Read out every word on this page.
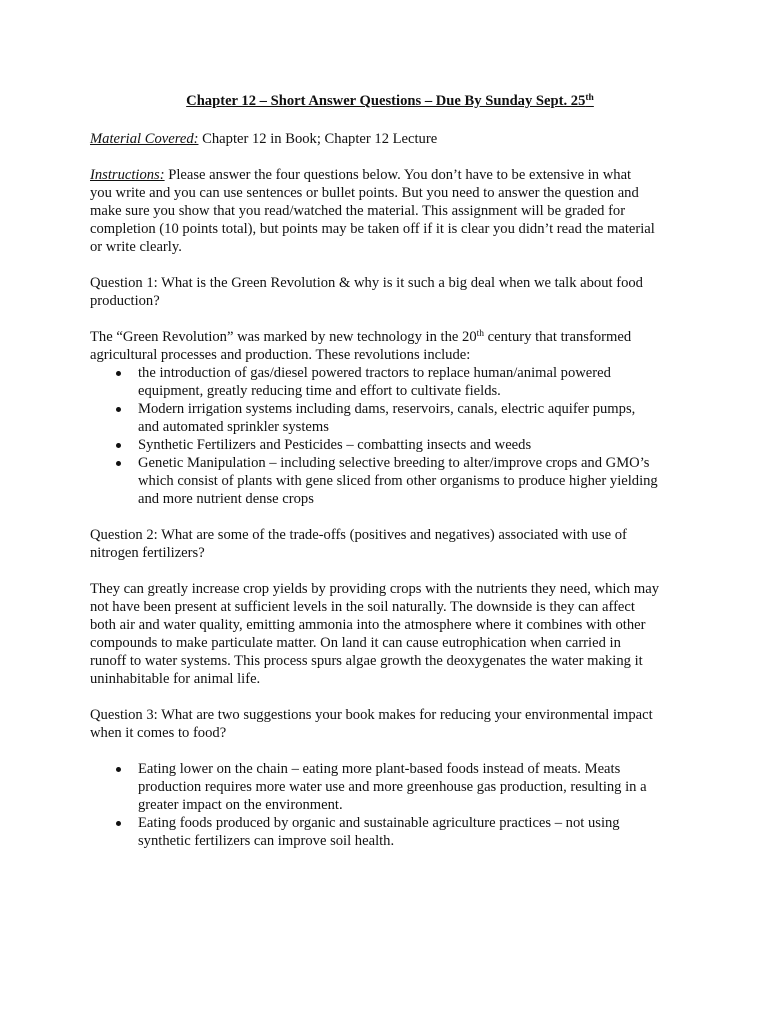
Chapter 12 – Short Answer Questions – Due By Sunday Sept. 25th

Material Covered: Chapter 12 in Book; Chapter 12 Lecture

Instructions: Please answer the four questions below. You don’t have to be extensive in what
you write and you can use sentences or bullet points. But you need to answer the question and
make sure you show that you read/watched the material. This assignment will be graded for
completion (10 points total), but points may be taken off if it is clear you didn’t read the material
or write clearly.

Question 1: What is the Green Revolution & why is it such a big deal when we talk about food
production?

The “Green Revolution” was marked by new technology in the 20th century that transformed
agricultural processes and production. These revolutions include:

the introduction of gas/diesel powered tractors to replace human/animal powered
equipment, greatly reducing time and effort to cultivate fields.
Modern irrigation systems including dams, reservoirs, canals, electric aquifer pumps,
and automated sprinkler systems
Synthetic Fertilizers and Pesticides – combatting insects and weeds
Genetic Manipulation – including selective breeding to alter/improve crops and GMO’s
which consist of plants with gene sliced from other organisms to produce higher yielding
and more nutrient dense crops

Question 2: What are some of the trade-offs (positives and negatives) associated with use of
nitrogen fertilizers?

They can greatly increase crop yields by providing crops with the nutrients they need, which may
not have been present at sufficient levels in the soil naturally. The downside is they can affect
both air and water quality, emitting ammonia into the atmosphere where it combines with other
compounds to make particulate matter. On land it can cause eutrophication when carried in
runoff to water systems. This process spurs algae growth the deoxygenates the water making it
uninhabitable for animal life.

Question 3: What are two suggestions your book makes for reducing your environmental impact
when it comes to food?

Eating lower on the chain – eating more plant-based foods instead of meats. Meats
production requires more water use and more greenhouse gas production, resulting in a
greater impact on the environment.
Eating foods produced by organic and sustainable agriculture practices – not using
synthetic fertilizers can improve soil health.
